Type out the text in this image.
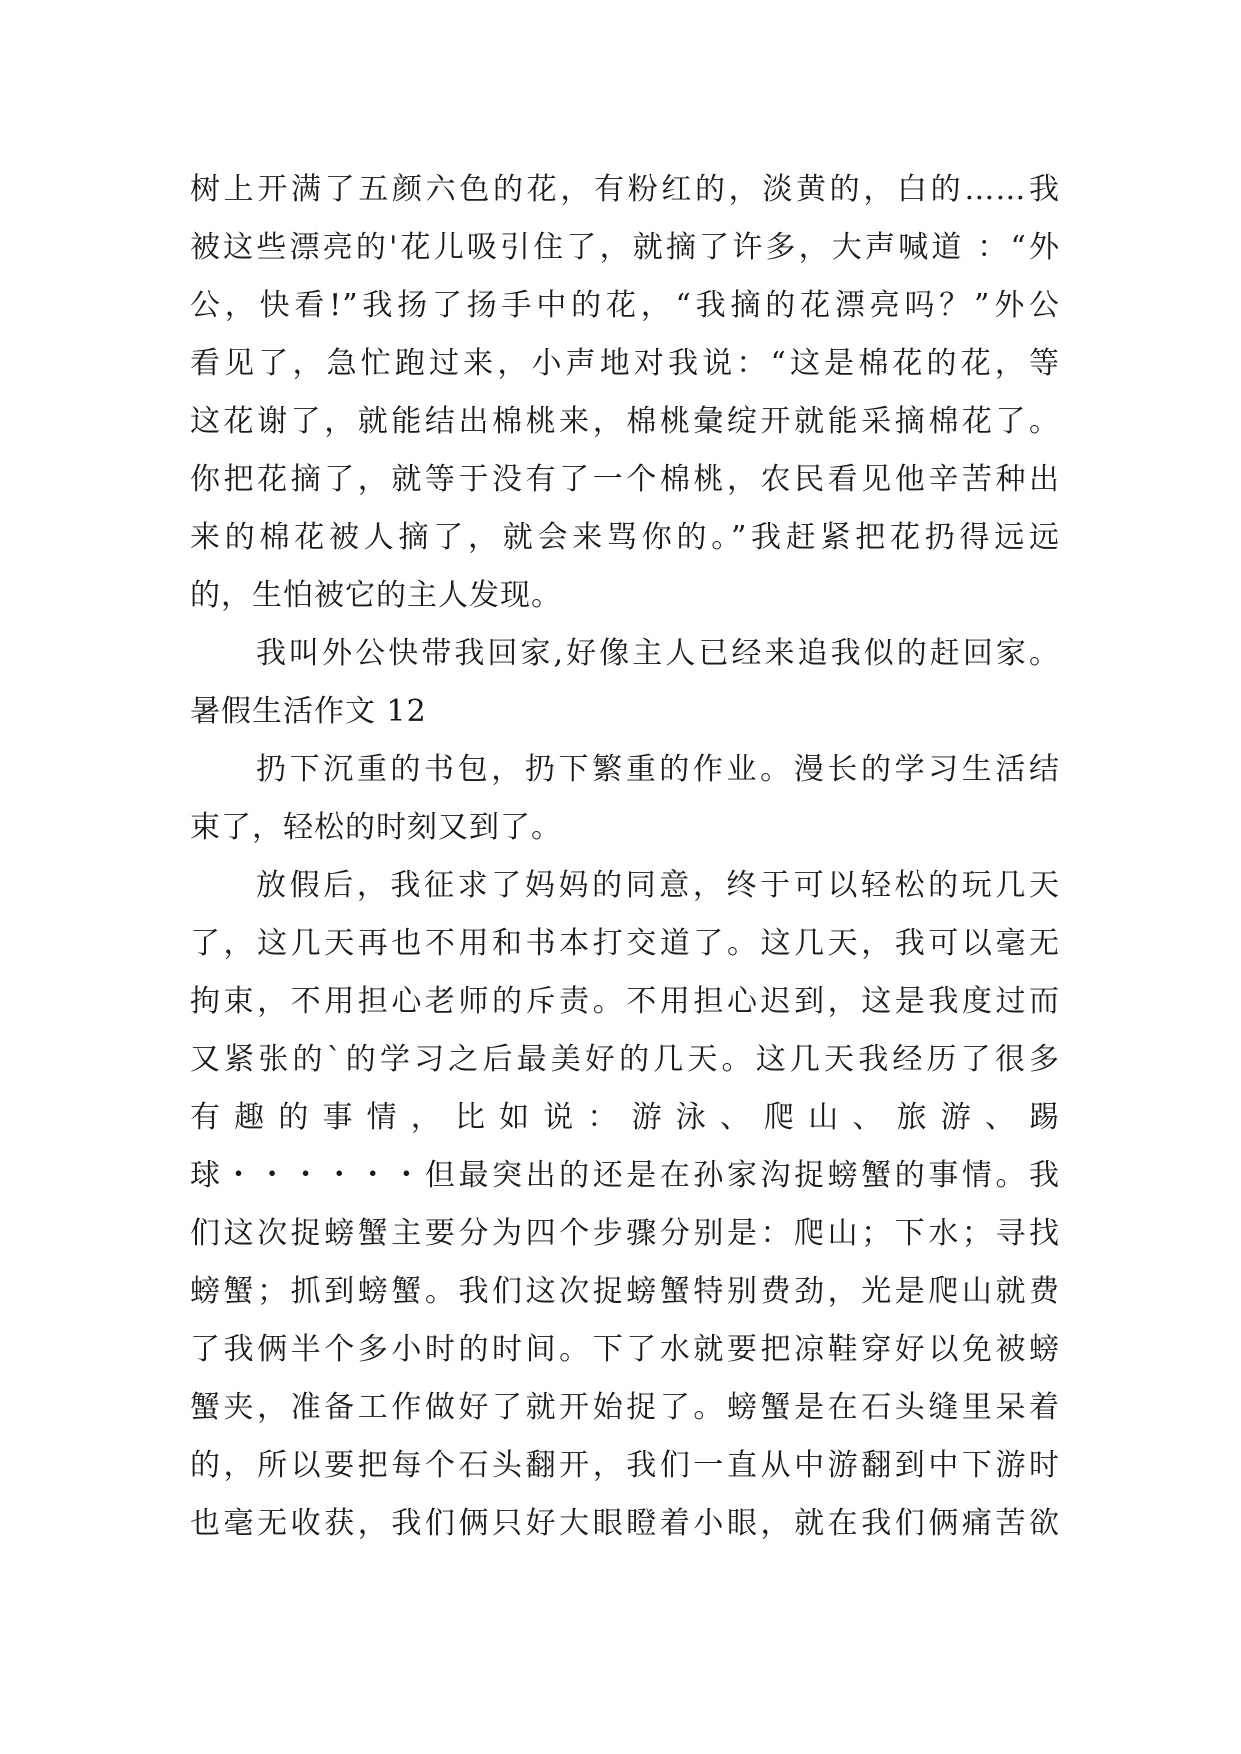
树上开满了五颜六色的花，有粉红的，淡黄的，白的……我
被这些漂亮的'花儿吸引住了，就摘了许多，大声喊道 ：“外
公，快看!”我扬了扬手中的花，“我摘的花漂亮吗？”外公
看见了，急忙跑过来，小声地对我说：“这是棉花的花，等
这花谢了，就能结出棉桃来，棉桃彙绽开就能采摘棉花了。
你把花摘了，就等于没有了一个棉桃，农民看见他辛苦种出
来的棉花被人摘了，就会来骂你的。”我赶紧把花扔得远远
的，生怕被它的主人发现。
我叫外公快带我回家,好像主人已经来追我似的赶回家。
暑假生活作文 12
扔下沉重的书包，扔下繁重的作业。漫长的学习生活结
束了，轻松的时刻又到了。
放假后，我征求了妈妈的同意，终于可以轻松的玩几天
了，这几天再也不用和书本打交道了。这几天，我可以毫无
拘束，不用担心老师的斥责。不用担心迟到，这是我度过而
又紧张的`的学习之后最美好的几天。这几天我经历了很多
有趣的事情，比如说：游泳、爬山、旅游、踢
球・・・・・・但最突出的还是在孙家沟捉螃蟹的事情。我
们这次捉螃蟹主要分为四个步骤分别是：爬山；下水；寻找
螃蟹；抓到螃蟹。我们这次捉螃蟹特别费劲，光是爬山就费
了我俩半个多小时的时间。下了水就要把凉鞋穿好以免被螃
蟹夹，准备工作做好了就开始捉了。螃蟹是在石头缝里呆着
的，所以要把每个石头翻开，我们一直从中游翻到中下游时
也毫无收获，我们俩只好大眼瞪着小眼，就在我们俩痛苦欲
